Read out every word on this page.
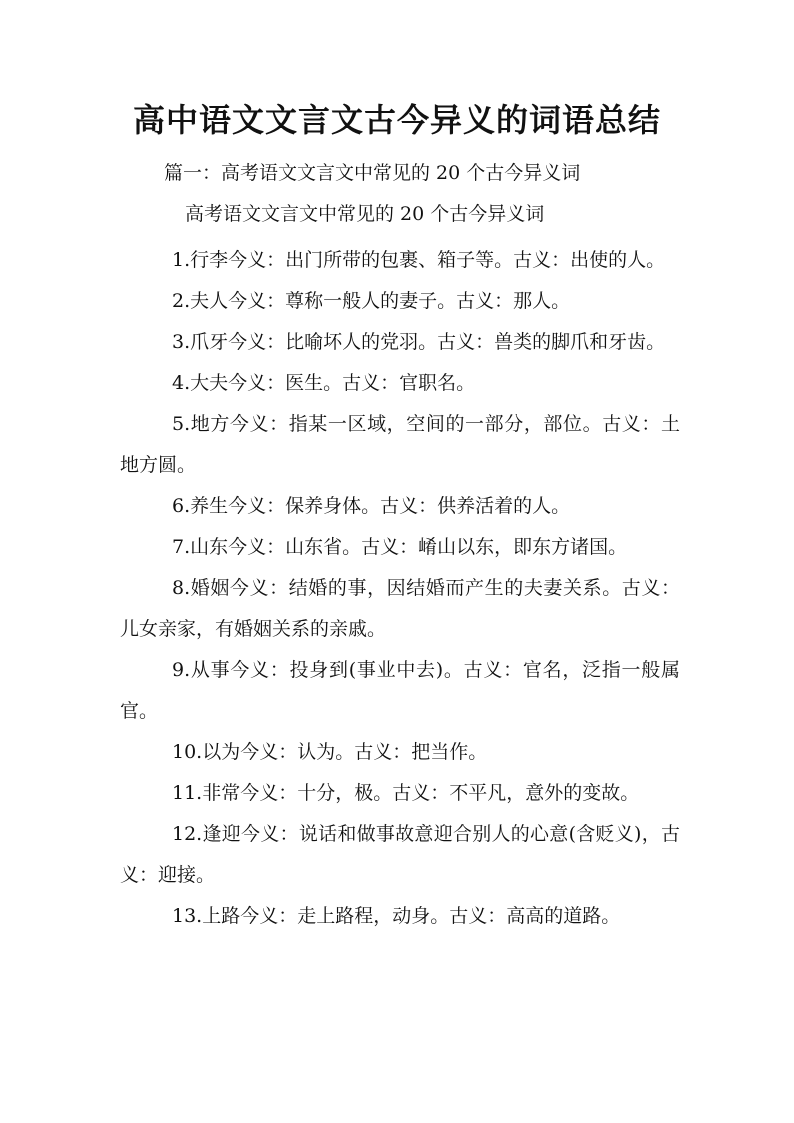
高中语文文言文古今异义的词语总结

篇一：高考语文文言文中常见的 20 个古今异义词

高考语文文言文中常见的 20 个古今异义词

1.行李今义：出门所带的包裹、箱子等。古义：出使的人。
2.夫人今义：尊称一般人的妻子。古义：那人。
3.爪牙今义：比喻坏人的党羽。古义：兽类的脚爪和牙齿。
4.大夫今义：医生。古义：官职名。
5.地方今义：指某一区域，空间的一部分，部位。古义：土地方圆。
6.养生今义：保养身体。古义：供养活着的人。
7.山东今义：山东省。古义：崤山以东，即东方诸国。
8.婚姻今义：结婚的事，因结婚而产生的夫妻关系。古义：儿女亲家，有婚姻关系的亲戚。
9.从事今义：投身到(事业中去)。古义：官名，泛指一般属官。
10.以为今义：认为。古义：把当作。
11.非常今义：十分，极。古义：不平凡，意外的变故。
12.逢迎今义：说话和做事故意迎合别人的心意(含贬义)，古义：迎接。
13.上路今义：走上路程，动身。古义：高高的道路。
